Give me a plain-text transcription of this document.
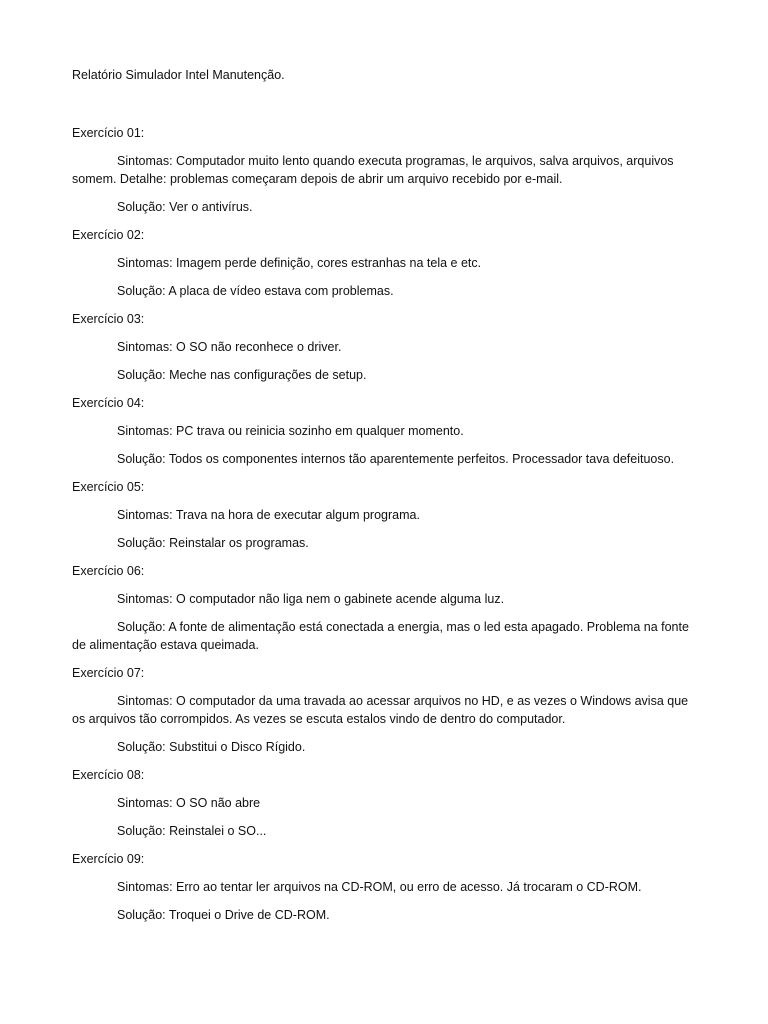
Relatório Simulador Intel Manutenção.

Exercício 01:

Sintomas: Computador muito lento quando executa programas, le arquivos, salva arquivos, arquivos somem. Detalhe: problemas começaram depois de abrir um arquivo recebido por e-mail.

Solução: Ver o antivírus.

Exercício 02:

Sintomas: Imagem perde definição, cores estranhas na tela e etc.

Solução: A placa de vídeo estava com problemas.

Exercício 03:

Sintomas: O SO não reconhece o driver.

Solução: Meche nas configurações de setup.

Exercício 04:

Sintomas: PC trava ou reinicia sozinho em qualquer momento.

Solução: Todos os componentes internos tão aparentemente perfeitos. Processador tava defeituoso.

Exercício 05:

Sintomas: Trava na hora de executar algum programa.

Solução: Reinstalar os programas.

Exercício 06:

Sintomas: O computador não liga nem o gabinete acende alguma luz.

Solução: A fonte de alimentação está conectada a energia, mas o led esta apagado. Problema na fonte de alimentação estava queimada.

Exercício 07:

Sintomas: O computador da uma travada ao acessar arquivos no HD, e as vezes o Windows avisa que os arquivos tão corrompidos. As vezes se escuta estalos vindo de dentro do computador.

Solução: Substitui o Disco Rígido.

Exercício 08:

Sintomas: O SO não abre

Solução: Reinstalei o SO...

Exercício 09:

Sintomas: Erro ao tentar ler arquivos na CD-ROM, ou erro de acesso. Já trocaram o CD-ROM.

Solução: Troquei o Drive de CD-ROM.
